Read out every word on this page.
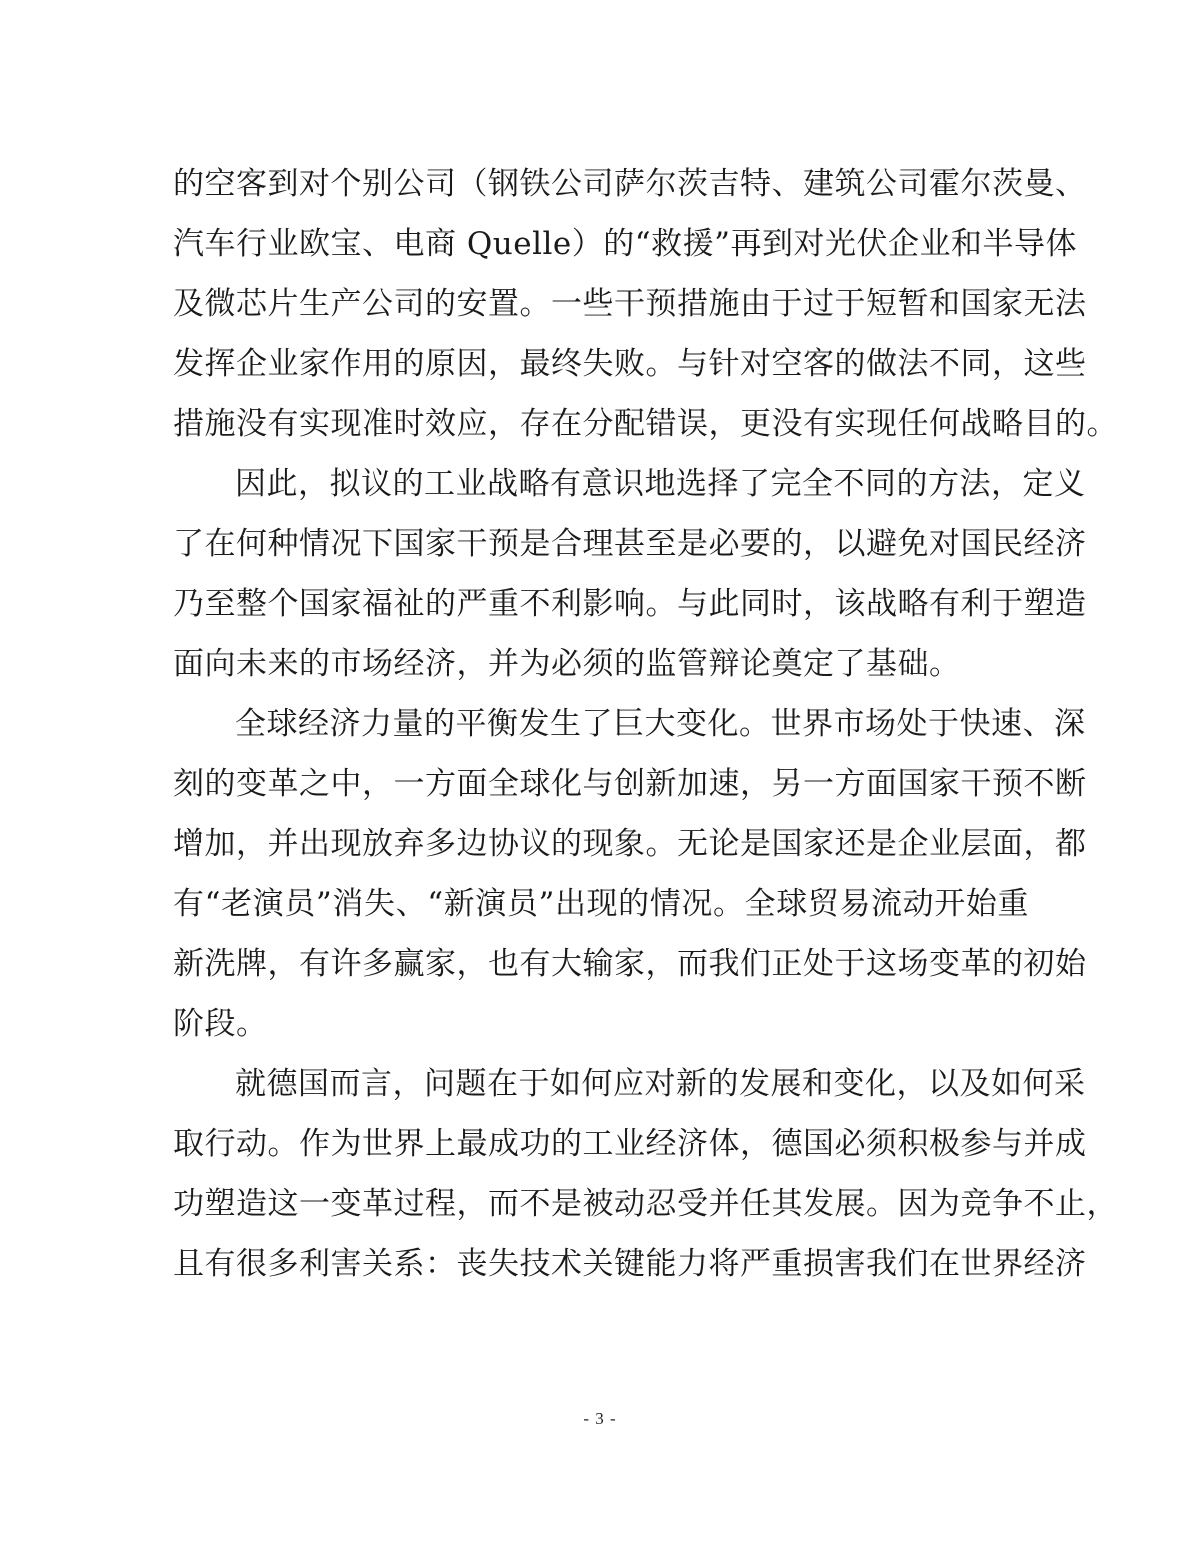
的空客到对个别公司（钢铁公司萨尔茨吉特、建筑公司霍尔茨曼、
汽车行业欧宝、电商 Quelle）的“救援”再到对光伏企业和半导体
及微芯片生产公司的安置。一些干预措施由于过于短暂和国家无法
发挥企业家作用的原因，最终失败。与针对空客的做法不同，这些
措施没有实现准时效应，存在分配错误，更没有实现任何战略目的。
因此，拟议的工业战略有意识地选择了完全不同的方法，定义
了在何种情况下国家干预是合理甚至是必要的，以避免对国民经济
乃至整个国家福祉的严重不利影响。与此同时，该战略有利于塑造
面向未来的市场经济，并为必须的监管辩论奠定了基础。
全球经济力量的平衡发生了巨大变化。世界市场处于快速、深
刻的变革之中，一方面全球化与创新加速，另一方面国家干预不断
增加，并出现放弃多边协议的现象。无论是国家还是企业层面，都
有“老演员”消失、“新演员”出现的情况。全球贸易流动开始重
新洗牌，有许多赢家，也有大输家，而我们正处于这场变革的初始
阶段。
就德国而言，问题在于如何应对新的发展和变化，以及如何采
取行动。作为世界上最成功的工业经济体，德国必须积极参与并成
功塑造这一变革过程，而不是被动忍受并任其发展。因为竞争不止，
且有很多利害关系：丧失技术关键能力将严重损害我们在世界经济
- 3 -
